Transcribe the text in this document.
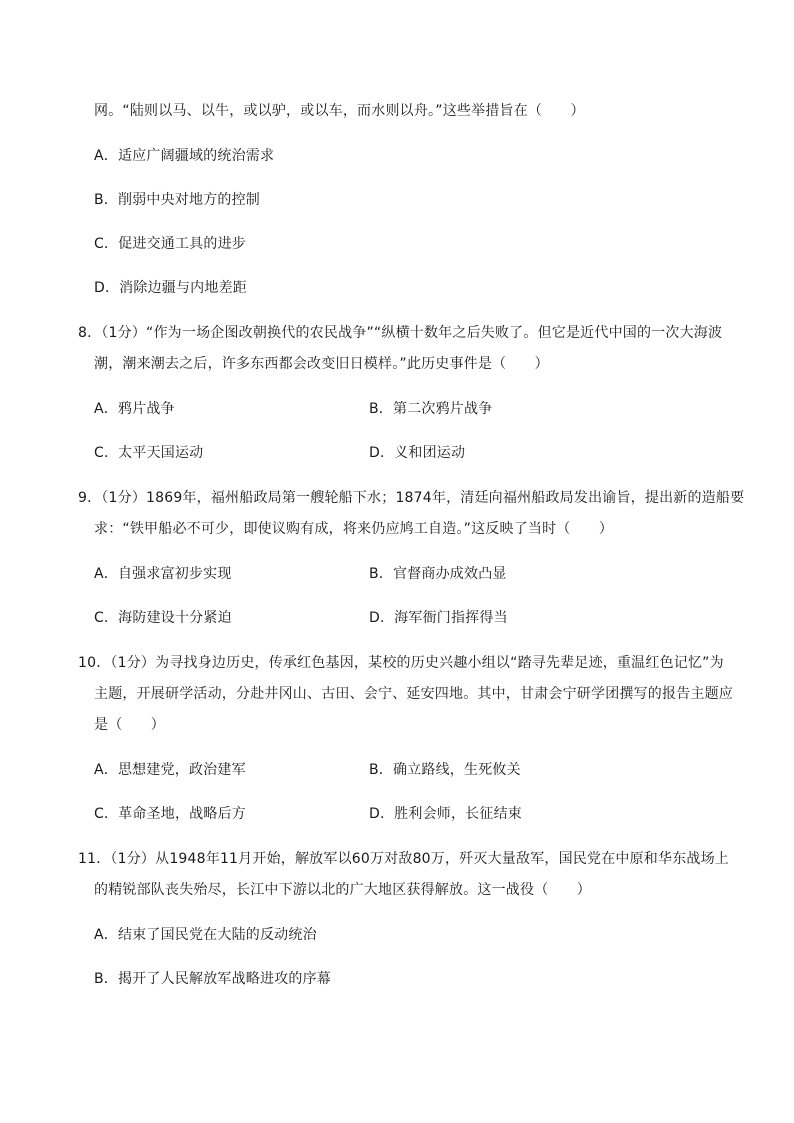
网。“陆则以马、以牛，或以驴，或以车，而水则以舟。”这些举措旨在（　　）
A．适应广阔疆域的统治需求
B．削弱中央对地方的控制
C．促进交通工具的进步
D．消除边疆与内地差距
8．（1分）“作为一场企图改朝换代的农民战争”“纵横十数年之后失败了。但它是近代中国的一次大海波
潮，潮来潮去之后，许多东西都会改变旧日模样。”此历史事件是（　　）
A．鸦片战争	B．第二次鸦片战争
C．太平天国运动	D．义和团运动
9．（1分）1869年，福州船政局第一艘轮船下水；1874年，清廷向福州船政局发出谕旨，提出新的造船要
求：“铁甲船必不可少，即使议购有成，将来仍应鸠工自造。”这反映了当时（　　）
A．自强求富初步实现	B．官督商办成效凸显
C．海防建设十分紧迫	D．海军衙门指挥得当
10．（1分）为寻找身边历史，传承红色基因，某校的历史兴趣小组以“踏寻先辈足迹，重温红色记忆”为
主题，开展研学活动，分赴井冈山、古田、会宁、延安四地。其中，甘肃会宁研学团撰写的报告主题应
是（　　）
A．思想建党，政治建军	B．确立路线，生死攸关
C．革命圣地，战略后方	D．胜利会师，长征结束
11．（1分）从1948年11月开始，解放军以60万对敌80万，歼灭大量敌军，国民党在中原和华东战场上
的精锐部队丧失殆尽，长江中下游以北的广大地区获得解放。这一战役（　　）
A．结束了国民党在大陆的反动统治
B．揭开了人民解放军战略进攻的序幕
